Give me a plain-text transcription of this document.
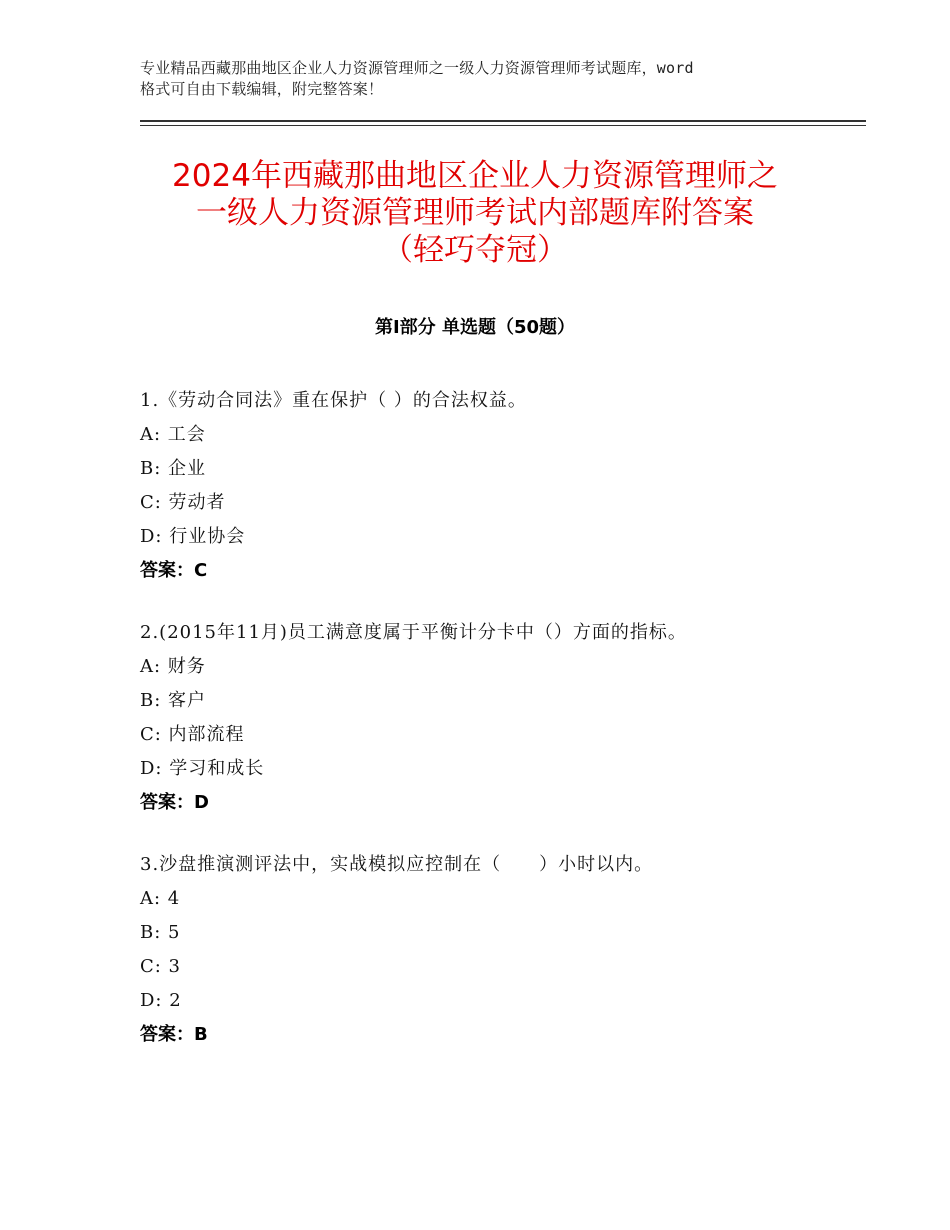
专业精品西藏那曲地区企业人力资源管理师之一级人力资源管理师考试题库，word
格式可自由下载编辑，附完整答案！
2024年西藏那曲地区企业人力资源管理师之
一级人力资源管理师考试内部题库附答案
（轻巧夺冠）
第Ⅰ部分 单选题（50题）
1.《劳动合同法》重在保护（ ）的合法权益。
A: 工会
B: 企业
C: 劳动者
D: 行业协会
答案：C
2.(2015年11月)员工满意度属于平衡计分卡中（）方面的指标。
A: 财务
B: 客户
C: 内部流程
D: 学习和成长
答案：D
3.沙盘推演测评法中，实战模拟应控制在（　　）小时以内。
A: 4
B: 5
C: 3
D: 2
答案：B
